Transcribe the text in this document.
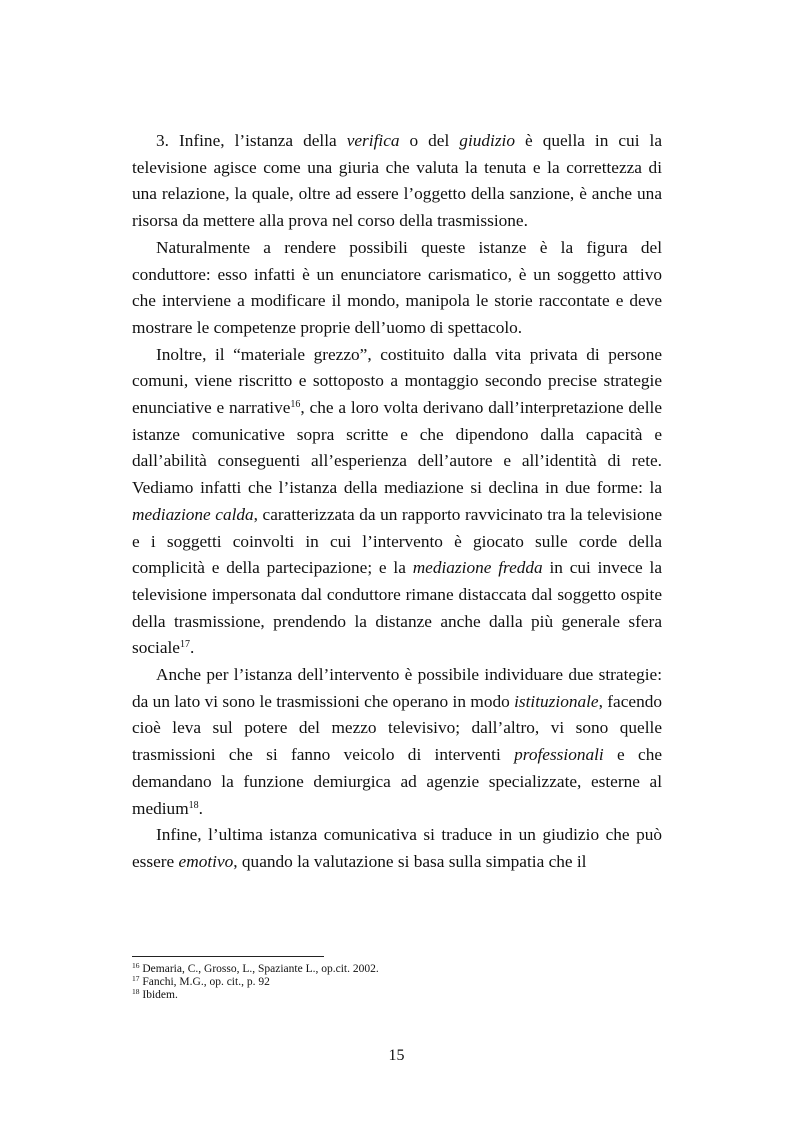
3. Infine, l’istanza della verifica o del giudizio è quella in cui la televisione agisce come una giuria che valuta la tenuta e la correttezza di una relazione, la quale, oltre ad essere l’oggetto della sanzione, è anche una risorsa da mettere alla prova nel corso della trasmissione.

Naturalmente a rendere possibili queste istanze è la figura del conduttore: esso infatti è un enunciatore carismatico, è un soggetto attivo che interviene a modificare il mondo, manipola le storie raccontate e deve mostrare le competenze proprie dell’uomo di spettacolo.

Inoltre, il “materiale grezzo”, costituito dalla vita privata di persone comuni, viene riscritto e sottoposto a montaggio secondo precise strategie enunciative e narrative$^{16}$, che a loro volta derivano dall’interpretazione delle istanze comunicative sopra scritte e che dipendono dalla capacità e dall’abilità conseguenti all’esperienza dell’autore e all’identità di rete. Vediamo infatti che l’istanza della mediazione si declina in due forme: la mediazione calda, caratterizzata da un rapporto ravvicinato tra la televisione e i soggetti coinvolti in cui l’intervento è giocato sulle corde della complicità e della partecipazione; e la mediazione fredda in cui invece la televisione impersonata dal conduttore rimane distaccata dal soggetto ospite della trasmissione, prendendo la distanze anche dalla più generale sfera sociale$^{17}$.

Anche per l’istanza dell’intervento è possibile individuare due strategie: da un lato vi sono le trasmissioni che operano in modo istituzionale, facendo cioè leva sul potere del mezzo televisivo; dall’altro, vi sono quelle trasmissioni che si fanno veicolo di interventi professionali e che demandano la funzione demiurgica ad agenzie specializzate, esterne al medium$^{18}$.

Infine, l’ultima istanza comunicativa si traduce in un giudizio che può essere emotivo, quando la valutazione si basa sulla simpatia che il

$^{16}$ Demaria, C., Grosso, L., Spaziante L., op.cit. 2002.
$^{17}$ Fanchi, M.G., op. cit., p. 92
$^{18}$ Ibidem.
15
